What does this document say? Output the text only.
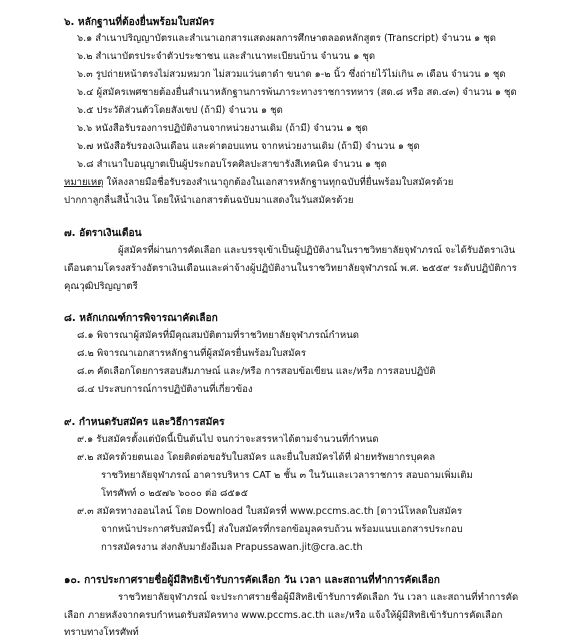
๖. หลักฐานที่ต้องยื่นพร้อมใบสมัคร
๖.๑ สำเนาปริญญาบัตรและสำเนาเอกสารแสดงผลการศึกษาตลอดหลักสูตร (Transcript) จำนวน ๑ ชุด
๖.๒ สำเนาบัตรประจำตัวประชาชน และสำเนาทะเบียนบ้าน จำนวน ๑ ชุด
๖.๓ รูปถ่ายหน้าตรงไม่สวมหมวก ไม่สวมแว่นตาดำ ขนาด ๑-๒ นิ้ว ซึ่งถ่ายไว้ไม่เกิน ๓ เดือน จำนวน ๑ ชุด
๖.๔ ผู้สมัครเพศชายต้องยื่นสำเนาหลักฐานการพ้นภาระทางราชการทหาร (สด.๘ หรือ สด.๔๓) จำนวน ๑ ชุด
๖.๕ ประวัติส่วนตัวโดยสังเขป (ถ้ามี) จำนวน ๑ ชุด
๖.๖ หนังสือรับรองการปฏิบัติงานจากหน่วยงานเดิม (ถ้ามี) จำนวน ๑ ชุด
๖.๗ หนังสือรับรองเงินเดือน และค่าตอบแทน จากหน่วยงานเดิม (ถ้ามี) จำนวน ๑ ชุด
๖.๘ สำเนาใบอนุญาตเป็นผู้ประกอบโรคศิลปะสาขารังสีเทคนิค จำนวน ๑ ชุด
หมายเหตุ ให้ลงลายมือชื่อรับรองสำเนาถูกต้องในเอกสารหลักฐานทุกฉบับที่ยื่นพร้อมใบสมัครด้วย
ปากกาลูกลื่นสีน้ำเงิน โดยให้นำเอกสารต้นฉบับมาแสดงในวันสมัครด้วย
๗. อัตราเงินเดือน
ผู้สมัครที่ผ่านการคัดเลือก และบรรจุเข้าเป็นผู้ปฏิบัติงานในราชวิทยาลัยจุฬาภรณ์ จะได้รับอัตราเงิน
เดือนตามโครงสร้างอัตราเงินเดือนและค่าจ้างผู้ปฏิบัติงานในราชวิทยาลัยจุฬาภรณ์ พ.ศ. ๒๕๕๙ ระดับปฏิบัติการ
คุณวุฒิปริญญาตรี
๘. หลักเกณฑ์การพิจารณาคัดเลือก
๘.๑ พิจารณาผู้สมัครที่มีคุณสมบัติตามที่ราชวิทยาลัยจุฬาภรณ์กำหนด
๘.๒ พิจารณาเอกสารหลักฐานที่ผู้สมัครยื่นพร้อมใบสมัคร
๘.๓ คัดเลือกโดยการสอบสัมภาษณ์ และ/หรือ การสอบข้อเขียน และ/หรือ การสอบปฏิบัติ
๘.๔ ประสบการณ์การปฏิบัติงานที่เกี่ยวข้อง
๙. กำหนดรับสมัคร และวิธีการสมัคร
๙.๑ รับสมัครตั้งแต่บัดนี้เป็นต้นไป จนกว่าจะสรรหาได้ตามจำนวนที่กำหนด
๙.๒ สมัครด้วยตนเอง โดยติดต่อขอรับใบสมัคร และยื่นใบสมัครได้ที่ ฝ่ายทรัพยากรบุคคล
ราชวิทยาลัยจุฬาภรณ์ อาคารบริหาร CAT ๒ ชั้น ๓ ในวันและเวลาราชการ สอบถามเพิ่มเติม
โทรศัพท์ ๐ ๒๕๗๖ ๖๐๐๐ ต่อ ๘๕๑๕
๙.๓ สมัครทางออนไลน์ โดย Download ใบสมัครที่ www.pccms.ac.th [ดาวน์โหลดใบสมัคร
จากหน้าประกาศรับสมัครนี้] ส่งใบสมัครที่กรอกข้อมูลครบถ้วน พร้อมแนบเอกสารประกอบ
การสมัครงาน ส่งกลับมายังอีเมล Prapussawan.jit@cra.ac.th
๑๐. การประกาศรายชื่อผู้มีสิทธิเข้ารับการคัดเลือก วัน เวลา และสถานที่ทำการคัดเลือก
ราชวิทยาลัยจุฬาภรณ์ จะประกาศรายชื่อผู้มีสิทธิเข้ารับการคัดเลือก วัน เวลา และสถานที่ทำการคัด
เลือก ภายหลังจากครบกำหนดรับสมัครทาง www.pccms.ac.th และ/หรือ แจ้งให้ผู้มีสิทธิเข้ารับการคัดเลือก
ทราบทางโทรศัพท์
